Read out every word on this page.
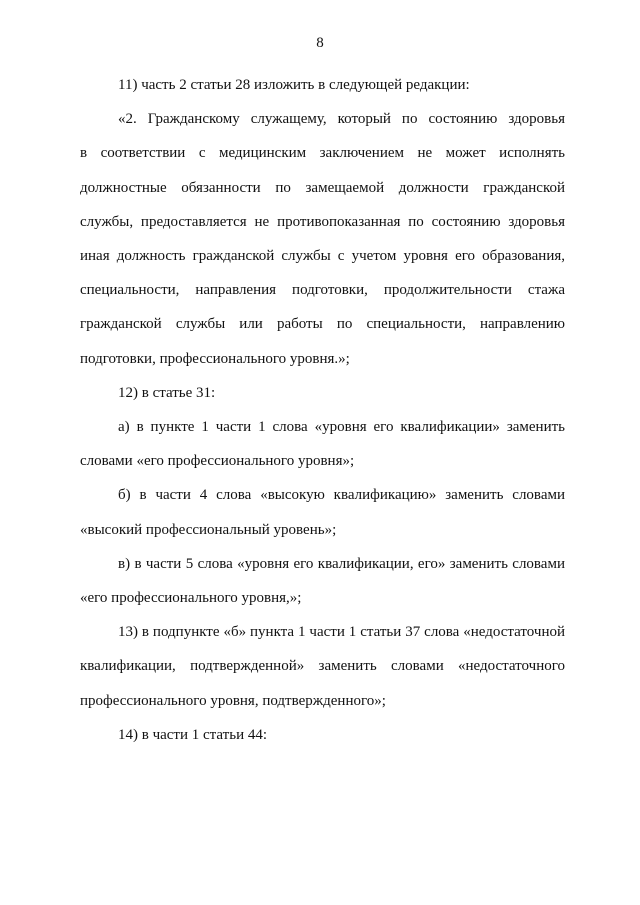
8
11) часть 2 статьи 28 изложить в следующей редакции:
«2. Гражданскому служащему, который по состоянию здоровья
в соответствии с медицинским заключением не может исполнять
должностные обязанности по замещаемой должности гражданской
службы, предоставляется не противопоказанная по состоянию здоровья
иная должность гражданской службы с учетом уровня его образования,
специальности, направления подготовки, продолжительности стажа
гражданской службы или работы по специальности, направлению
подготовки, профессионального уровня.»;
12) в статье 31:
а) в пункте 1 части 1 слова «уровня его квалификации» заменить
словами «его профессионального уровня»;
б) в части 4 слова «высокую квалификацию» заменить словами
«высокий профессиональный уровень»;
в) в части 5 слова «уровня его квалификации, его» заменить словами
«его профессионального уровня,»;
13) в подпункте «б» пункта 1 части 1 статьи 37 слова «недостаточной
квалификации, подтвержденной» заменить словами «недостаточного
профессионального уровня, подтвержденного»;
14) в части 1 статьи 44:
